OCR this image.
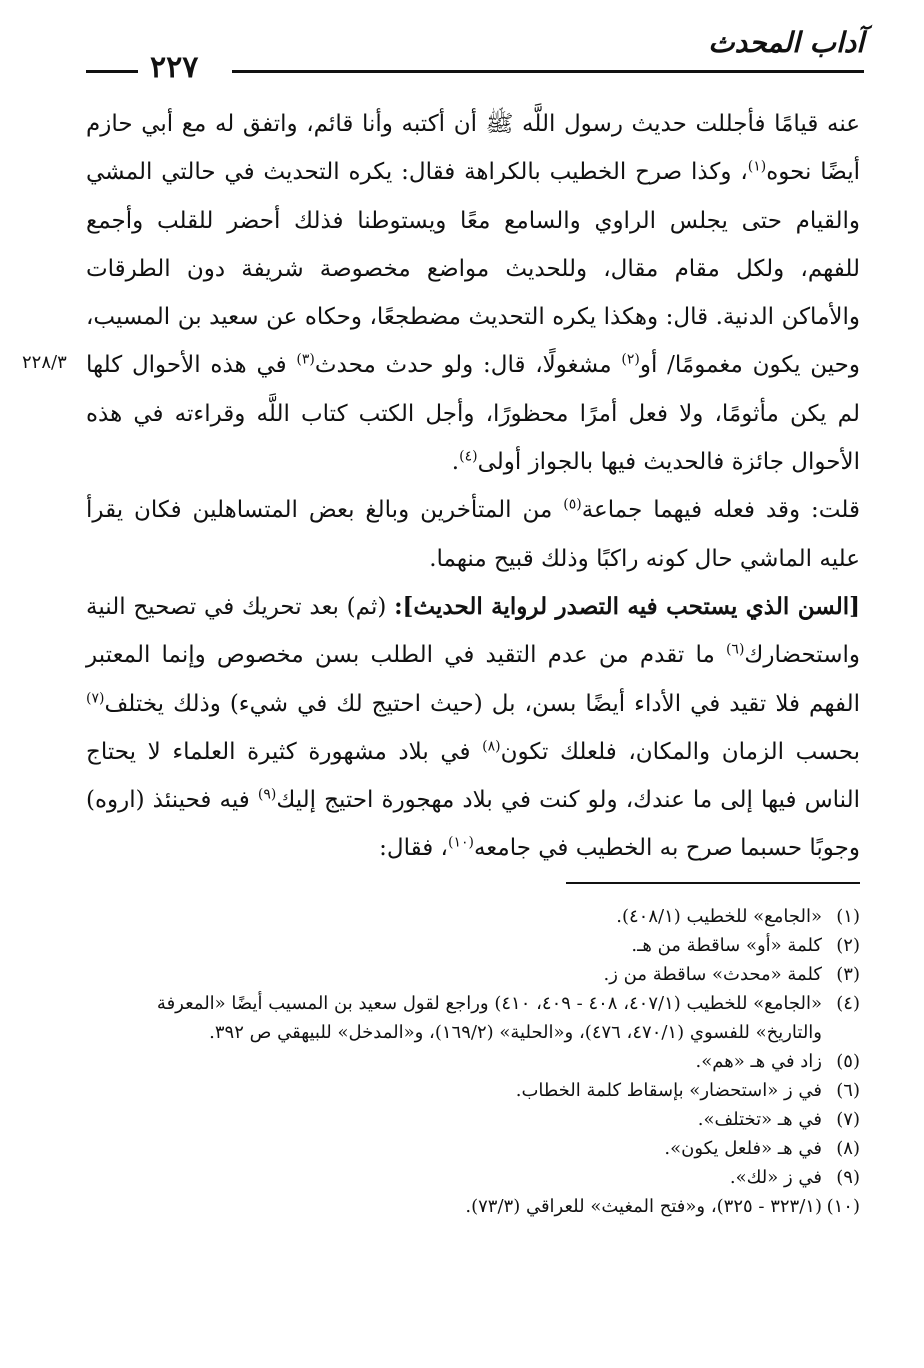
آداب المحدث
٢٢٧
٢٢٨/٣

عنه قيامًا فأجللت حديث رسول اللَّه ﷺ أن أكتبه وأنا قائم، واتفق له مع أبي حازم أيضًا نحوه$^{(١)}$، وكذا صرح الخطيب بالكراهة فقال: يكره التحديث في حالتي المشي والقيام حتى يجلس الراوي والسامع معًا ويستوطنا فذلك أحضر للقلب وأجمع للفهم، ولكل مقام مقال، وللحديث مواضع مخصوصة شريفة دون الطرقات والأماكن الدنية. قال: وهكذا يكره التحديث مضطجعًا، وحكاه عن سعيد بن المسيب، وحين يكون مغمومًا/ أو$^{(٢)}$ مشغولًا، قال: ولو حدث محدث$^{(٣)}$ في هذه الأحوال كلها لم يكن مأثومًا، ولا فعل أمرًا محظورًا، وأجل الكتب كتاب اللَّه وقراءته في هذه الأحوال جائزة فالحديث فيها بالجواز أولى$^{(٤)}$.

قلت: وقد فعله فيهما جماعة$^{(٥)}$ من المتأخرين وبالغ بعض المتساهلين فكان يقرأ عليه الماشي حال كونه راكبًا وذلك قبيح منهما.

[السن الذي يستحب فيه التصدر لرواية الحديث]: (ثم) بعد تحريك في تصحيح النية واستحضارك$^{(٦)}$ ما تقدم من عدم التقيد في الطلب بسن مخصوص وإنما المعتبر الفهم فلا تقيد في الأداء أيضًا بسن، بل (حيث احتيج لك في شيء) وذلك يختلف$^{(٧)}$ بحسب الزمان والمكان، فلعلك تكون$^{(٨)}$ في بلاد مشهورة كثيرة العلماء لا يحتاج الناس فيها إلى ما عندك، ولو كنت في بلاد مهجورة احتيج إليك$^{(٩)}$ فيه فحينئذ (اروه) وجوبًا حسبما صرح به الخطيب في جامعه$^{(١٠)}$، فقال:

(١)
«الجامع» للخطيب (٤٠٨/١).

(٢)
كلمة «أو» ساقطة من هـ.

(٣)
كلمة «محدث» ساقطة من ز.

(٤)
«الجامع» للخطيب (٤٠٧/١، ٤٠٨ - ٤٠٩، ٤١٠) وراجع لقول سعيد بن المسيب أيضًا «المعرفة والتاريخ» للفسوي (٤٧٠/١، ٤٧٦)، و«الحلية» (١٦٩/٢)، و«المدخل» للبيهقي ص ٣٩٢.

(٥)
زاد في هـ «هم».

(٦)
في ز «استحضار» بإسقاط كلمة الخطاب.

(٧)
في هـ «تختلف».

(٨)
في هـ «فلعل يكون».

(٩)
في ز «لك».

(١٠)
(٣٢٣/١ - ٣٢٥)، و«فتح المغيث» للعراقي (٧٣/٣).
